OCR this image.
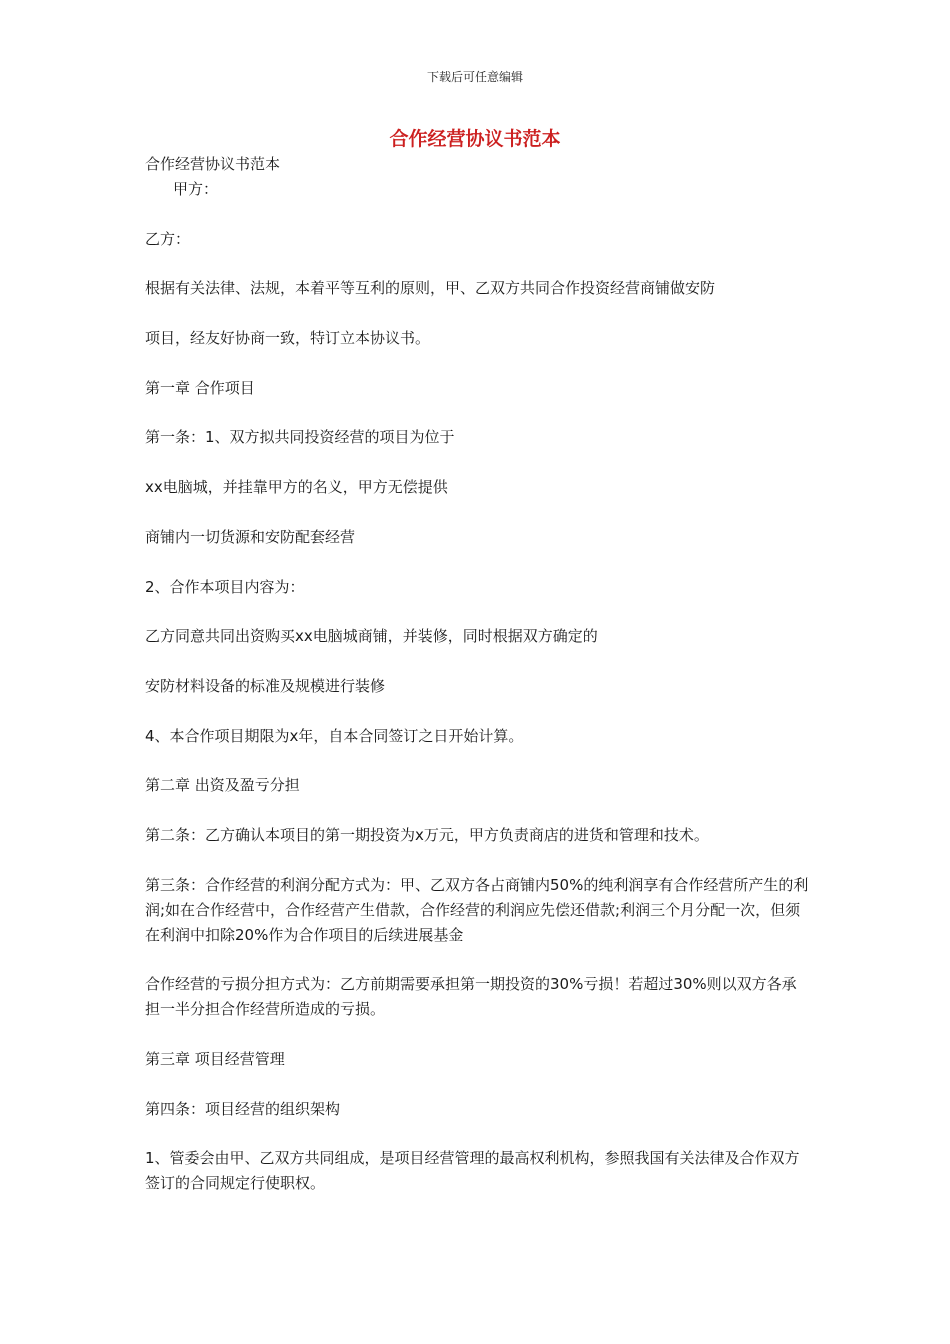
下载后可任意编辑
合作经营协议书范本
合作经营协议书范本
甲方：
乙方：
根据有关法律、法规，本着平等互利的原则，甲、乙双方共同合作投资经营商铺做安防
项目，经友好协商一致，特订立本协议书。
第一章 合作项目
第一条：1、双方拟共同投资经营的项目为位于
xx电脑城，并挂靠甲方的名义，甲方无偿提供
商铺内一切货源和安防配套经营
2、合作本项目内容为：
乙方同意共同出资购买xx电脑城商铺，并装修，同时根据双方确定的
安防材料设备的标准及规模进行装修
4、本合作项目期限为x年，自本合同签订之日开始计算。
第二章 出资及盈亏分担
第二条：乙方确认本项目的第一期投资为x万元，甲方负责商店的进货和管理和技术。
第三条：合作经营的利润分配方式为：甲、乙双方各占商铺内50%的纯利润享有合作经营所产生的利润;如在合作经营中，合作经营产生借款，合作经营的利润应先偿还借款;利润三个月分配一次，但须在利润中扣除20%作为合作项目的后续进展基金
合作经营的亏损分担方式为：乙方前期需要承担第一期投资的30%亏损！若超过30%则以双方各承担一半分担合作经营所造成的亏损。
第三章 项目经营管理
第四条：项目经营的组织架构
1、管委会由甲、乙双方共同组成，是项目经营管理的最高权利机构，参照我国有关法律及合作双方签订的合同规定行使职权。
